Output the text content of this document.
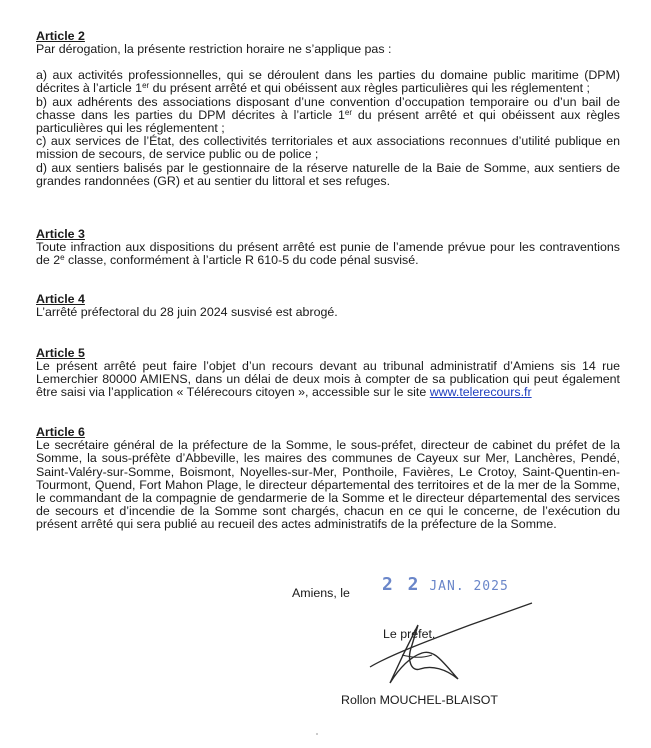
Article 2

Par dérogation, la présente restriction horaire ne s’applique pas :

a) aux activités professionnelles, qui se déroulent dans les parties du domaine public maritime (DPM) décrites à l’article 1er du présent arrêté et qui obéissent aux règles particulières qui les réglementent ;

b) aux adhérents des associations disposant d’une convention d’occupation temporaire ou d’un bail de chasse dans les parties du DPM décrites à l’article 1er du présent arrêté et qui obéissent aux règles particulières qui les réglementent ;

c) aux services de l’État, des collectivités territoriales et aux associations reconnues d’utilité publique en mission de secours, de service public ou de police ;

d) aux sentiers balisés par le gestionnaire de la réserve naturelle de la Baie de Somme, aux sentiers de grandes randonnées (GR) et au sentier du littoral et ses refuges.

Article 3

Toute infraction aux dispositions du présent arrêté est punie de l’amende prévue pour les contraventions de 2e classe, conformément à l’article R 610-5 du code pénal susvisé.

Article 4

L’arrêté préfectoral du 28 juin 2024 susvisé est abrogé.

Article 5

Le présent arrêté peut faire l’objet d’un recours devant au tribunal administratif d’Amiens sis 14 rue Lemerchier 80000 AMIENS, dans un délai de deux mois à compter de sa publication qui peut également être saisi via l’application « Télérecours citoyen », accessible sur le site www.telerecours.fr

Article 6

Le secrétaire général de la préfecture de la Somme, le sous-préfet, directeur de cabinet du préfet de la Somme, la sous-préfète d’Abbeville, les maires des communes de Cayeux sur Mer, Lanchères, Pendé, Saint-Valéry-sur-Somme, Boismont, Noyelles-sur-Mer, Ponthoile, Favières, Le Crotoy, Saint-Quentin-en-Tourmont, Quend, Fort Mahon Plage, le directeur départemental des territoires et de la mer de la Somme, le commandant de la compagnie de gendarmerie de la Somme et le directeur départemental des services de secours et d’incendie de la Somme sont chargés, chacun en ce qui le concerne, de l’exécution du présent arrêté qui sera publié au recueil des actes administratifs de la préfecture de la Somme.

Amiens, le 2 2 JAN. 2025
Le préfet,
Rollon MOUCHEL-BLAISOT
